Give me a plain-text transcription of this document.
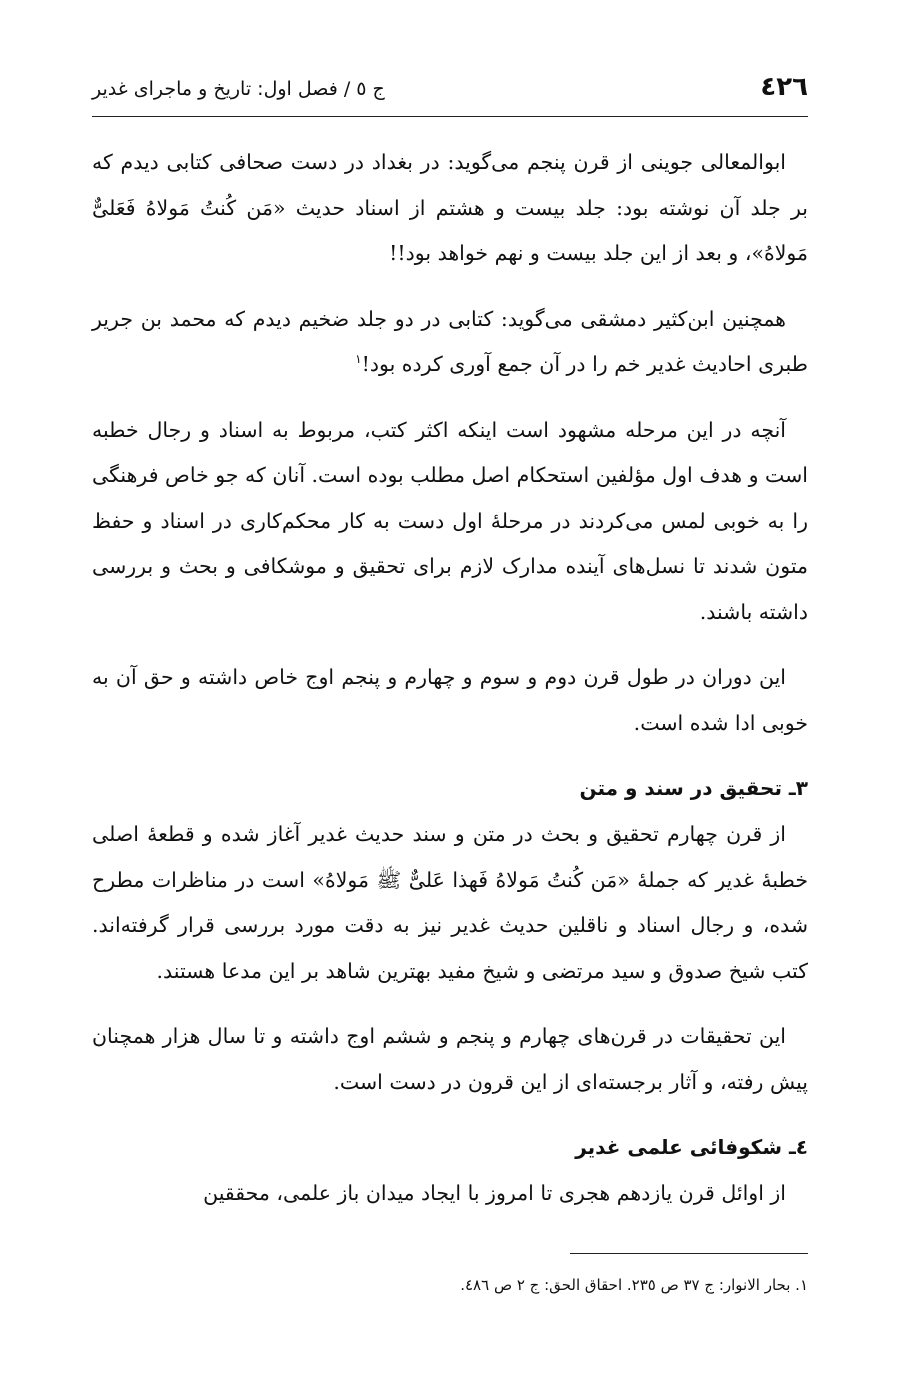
٤٢٦
ج ٥ / فصل اول: تاریخ و ماجرای غدیر

ابوالمعالی جوینی از قرن پنجم می‌گوید: در بغداد در دست صحافی کتابی دیدم که بر جلد آن نوشته بود: جلد بیست و هشتم از اسناد حدیث «مَن کُنتُ مَولاهُ فَعَلیٌّ مَولاهُ»، و بعد از این جلد بیست و نهم خواهد بود!!

همچنین ابن‌کثیر دمشقی می‌گوید: کتابی در دو جلد ضخیم دیدم که محمد بن جریر طبری احادیث غدیر خم را در آن جمع آوری کرده بود!$^١$

آنچه در این مرحله مشهود است اینکه اکثر کتب، مربوط به اسناد و رجال خطبه است و هدف اول مؤلفین استحکام اصل مطلب بوده است. آنان که جو خاص فرهنگی را به خوبی لمس می‌کردند در مرحلهٔ اول دست به کار محکم‌کاری در اسناد و حفظ متون شدند تا نسل‌های آینده مدارک لازم برای تحقیق و موشکافی و بحث و بررسی داشته باشند.

این دوران در طول قرن دوم و سوم و چهارم و پنجم اوج خاص داشته و حق آن به خوبی ادا شده است.

٣ـ تحقیق در سند و متن

از قرن چهارم تحقیق و بحث در متن و سند حدیث غدیر آغاز شده و قطعهٔ اصلی خطبهٔ غدیر که جملهٔ «مَن کُنتُ مَولاهُ فَهذا عَلیٌّ ﷺ مَولاهُ» است در مناظرات مطرح شده، و رجال اسناد و ناقلین حدیث غدیر نیز به دقت مورد بررسی قرار گرفته‌اند. کتب شیخ صدوق و سید مرتضی و شیخ مفید بهترین شاهد بر این مدعا هستند.

این تحقیقات در قرن‌های چهارم و پنجم و ششم اوج داشته و تا سال هزار همچنان پیش رفته، و آثار برجسته‌ای از این قرون در دست است.

٤ـ شکوفائی علمی غدیر

از اوائل قرن یازدهم هجری تا امروز با ایجاد میدان باز علمی، محققین

١. بحار الانوار: ج ٣٧ ص ٢٣٥. احقاق الحق: ج ٢ ص ٤٨٦.
